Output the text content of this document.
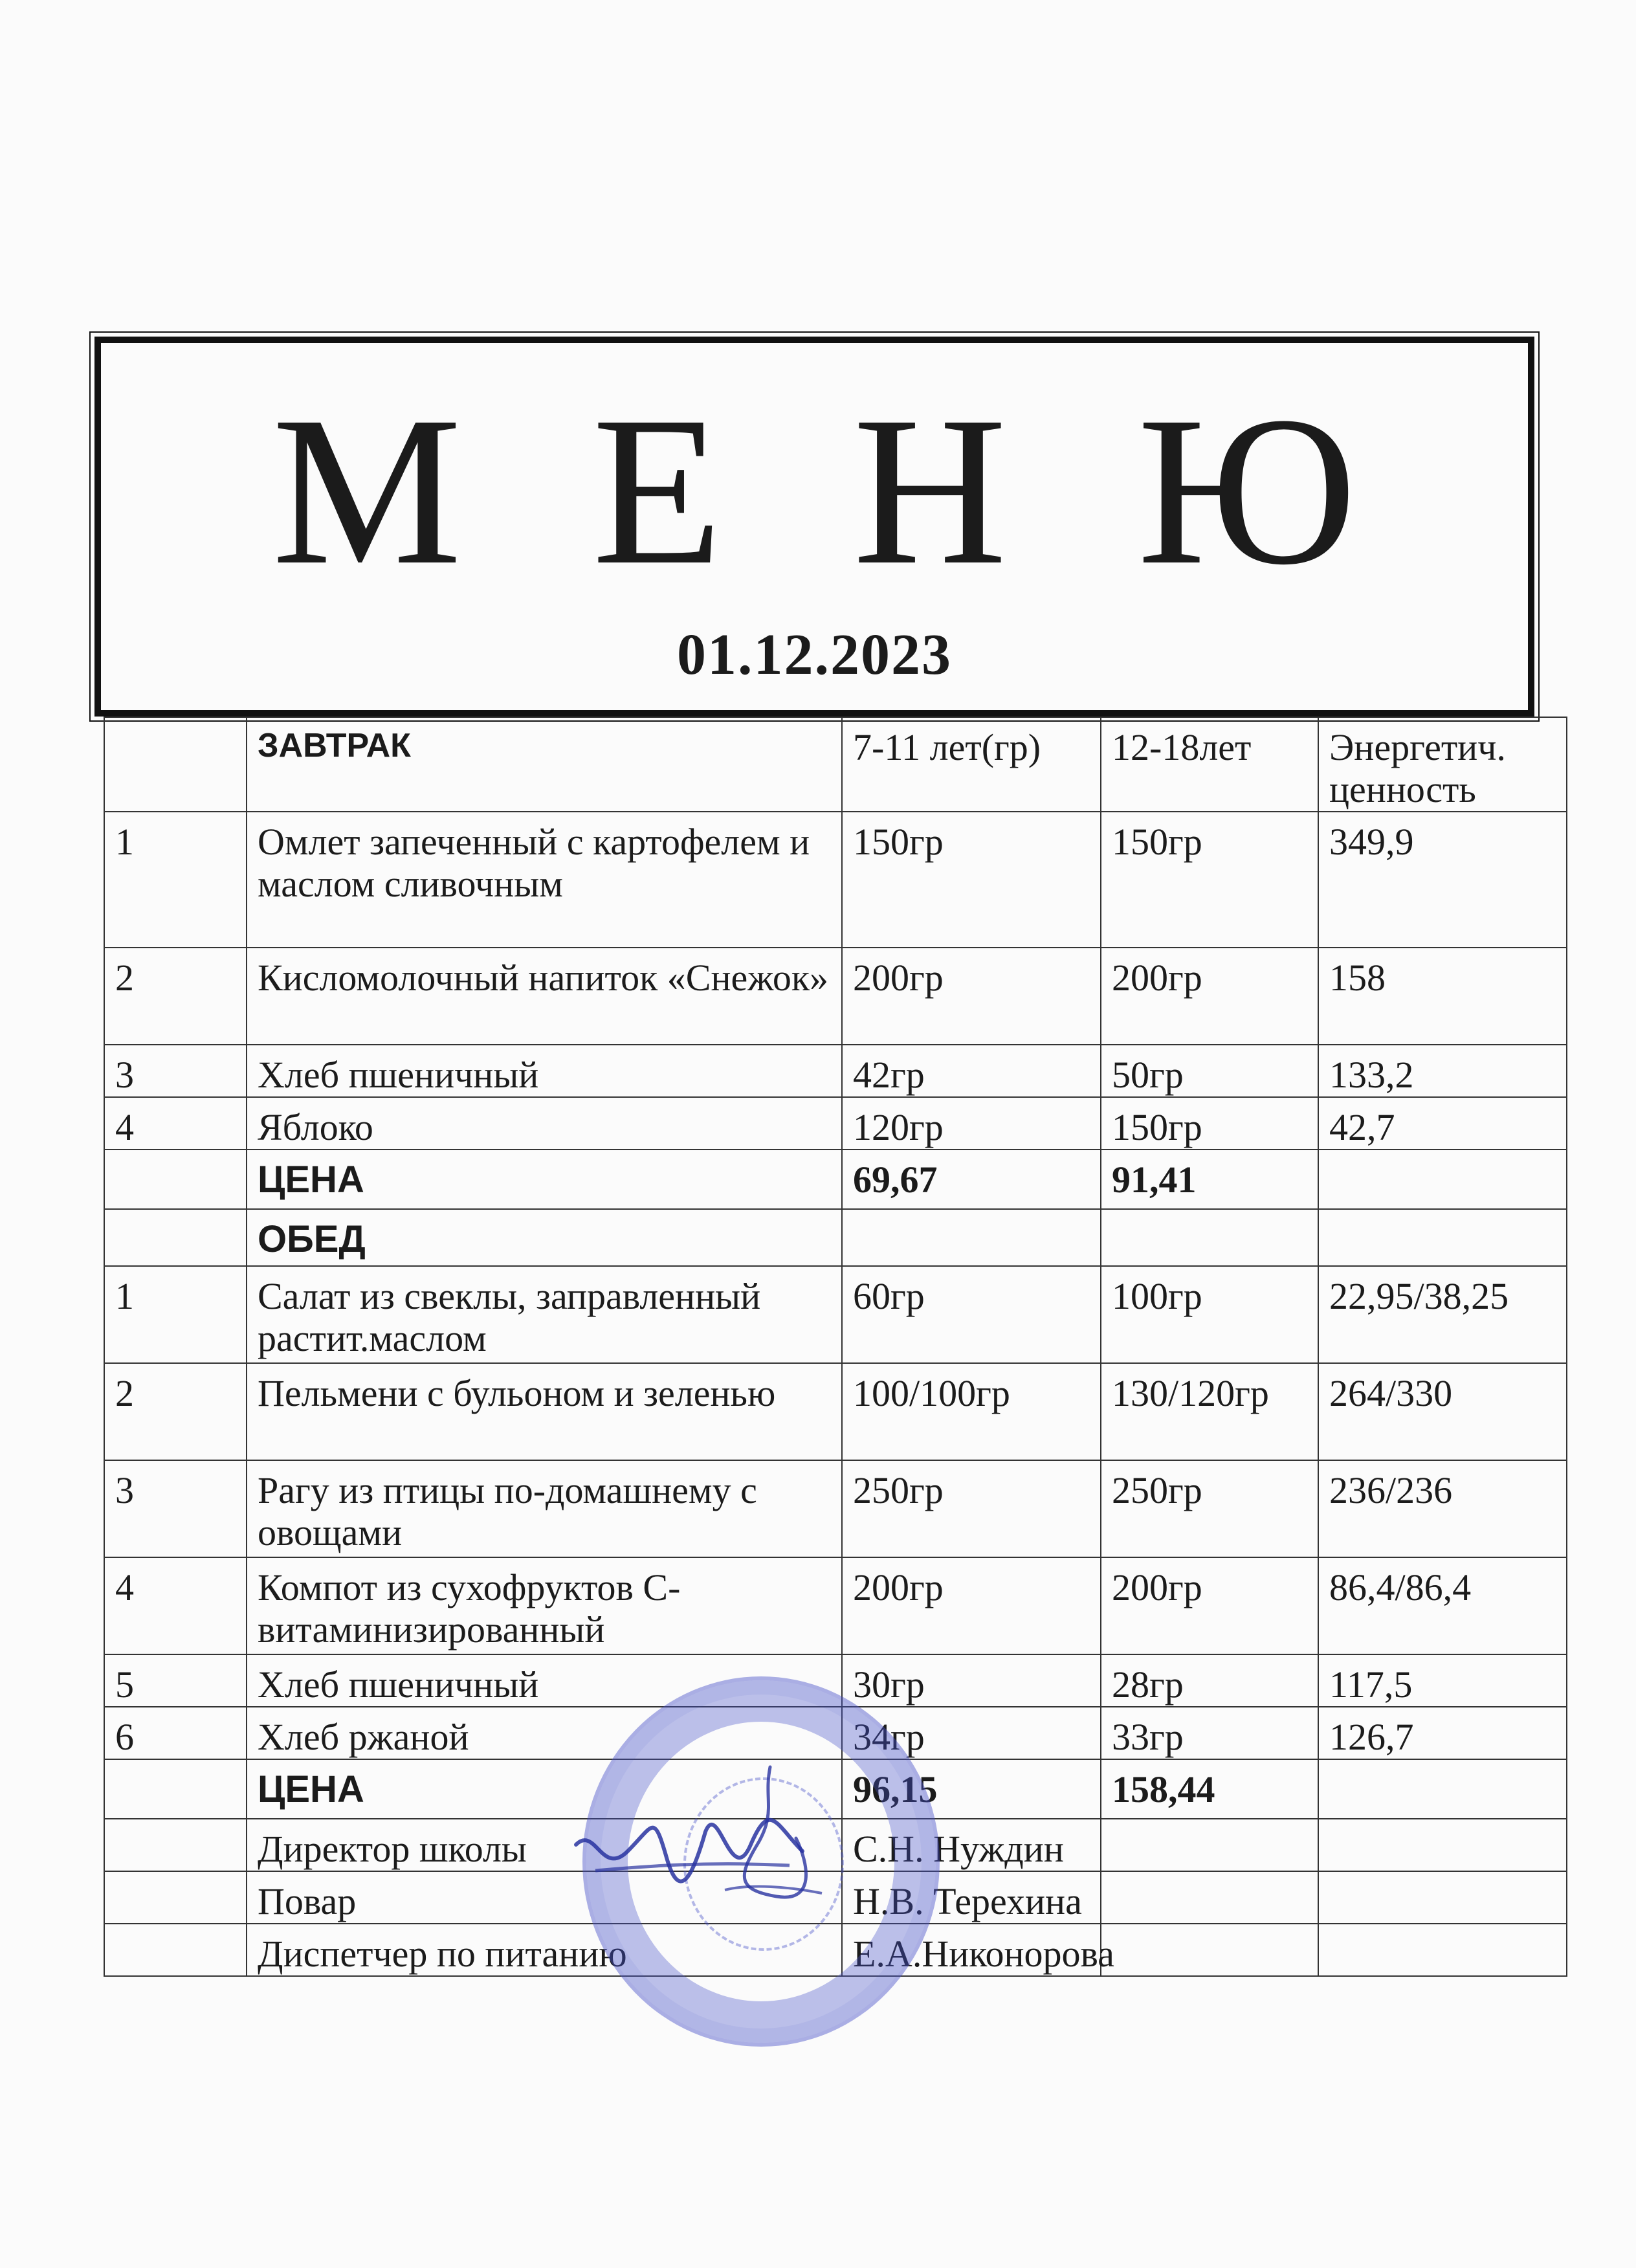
М Е Н Ю
01.12.2023
	ЗАВТРАК	7-11 лет(гр)	12-18лет	Энергетич. ценность
1	Омлет запеченный с картофелем и маслом сливочным	150гр	150гр	349,9
2	Кисломолочный напиток «Снежок»	200гр	200гр	158
3	Хлеб пшеничный	42гр	50гр	133,2
4	Яблоко	120гр	150гр	42,7
	ЦЕНА	69,67	91,41	
	ОБЕД			
1	Салат из свеклы, заправленный растит.маслом	60гр	100гр	22,95/38,25
2	Пельмени с бульоном и зеленью	100/100гр	130/120гр	264/330
3	Рагу из птицы по-домашнему с овощами	250гр	250гр	236/236
4	Компот из сухофруктов С-витаминизированный	200гр	200гр	86,4/86,4
5	Хлеб пшеничный	30гр	28гр	117,5
6	Хлеб ржаной	34гр	33гр	126,7
	ЦЕНА	96,15	158,44	
	Директор школы	С.Н. Нуждин		
	Повар	Н.В. Терехина		
	Диспетчер по питанию	Е.А.Никонорова		
